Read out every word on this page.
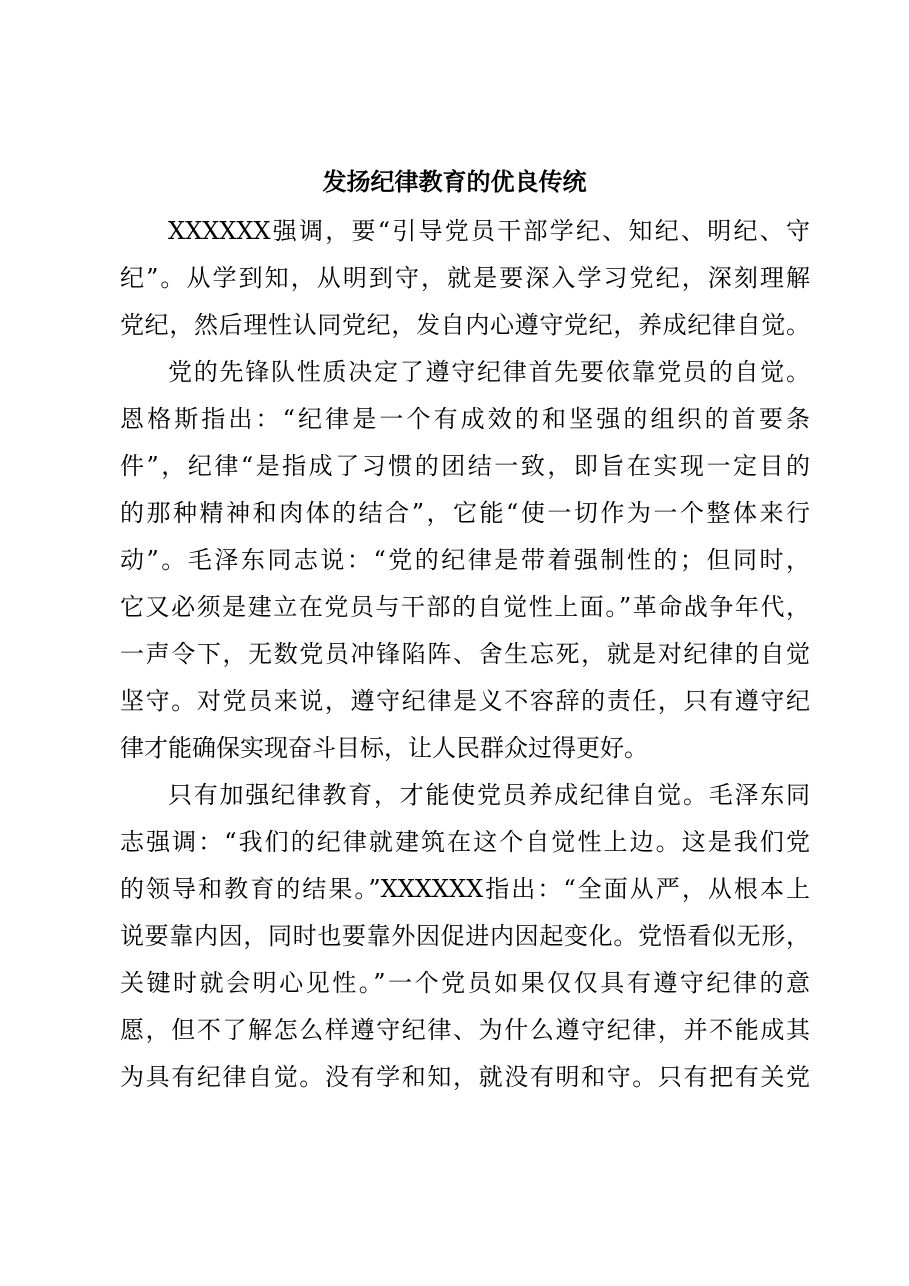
发扬纪律教育的优良传统
XXXXXX强调，要“引导党员干部学纪、知纪、明纪、守
纪”。从学到知，从明到守，就是要深入学习党纪，深刻理解
党纪，然后理性认同党纪，发自内心遵守党纪，养成纪律自觉。
党的先锋队性质决定了遵守纪律首先要依靠党员的自觉。
恩格斯指出：“纪律是一个有成效的和坚强的组织的首要条
件”，纪律“是指成了习惯的团结一致，即旨在实现一定目的
的那种精神和肉体的结合”，它能“使一切作为一个整体来行
动”。毛泽东同志说：“党的纪律是带着强制性的；但同时，
它又必须是建立在党员与干部的自觉性上面。”革命战争年代，
一声令下，无数党员冲锋陷阵、舍生忘死，就是对纪律的自觉
坚守。对党员来说，遵守纪律是义不容辞的责任，只有遵守纪
律才能确保实现奋斗目标，让人民群众过得更好。
只有加强纪律教育，才能使党员养成纪律自觉。毛泽东同
志强调：“我们的纪律就建筑在这个自觉性上边。这是我们党
的领导和教育的结果。”XXXXXX指出：“全面从严，从根本上
说要靠内因，同时也要靠外因促进内因起变化。党悟看似无形，
关键时就会明心见性。”一个党员如果仅仅具有遵守纪律的意
愿，但不了解怎么样遵守纪律、为什么遵守纪律，并不能成其
为具有纪律自觉。没有学和知，就没有明和守。只有把有关党
